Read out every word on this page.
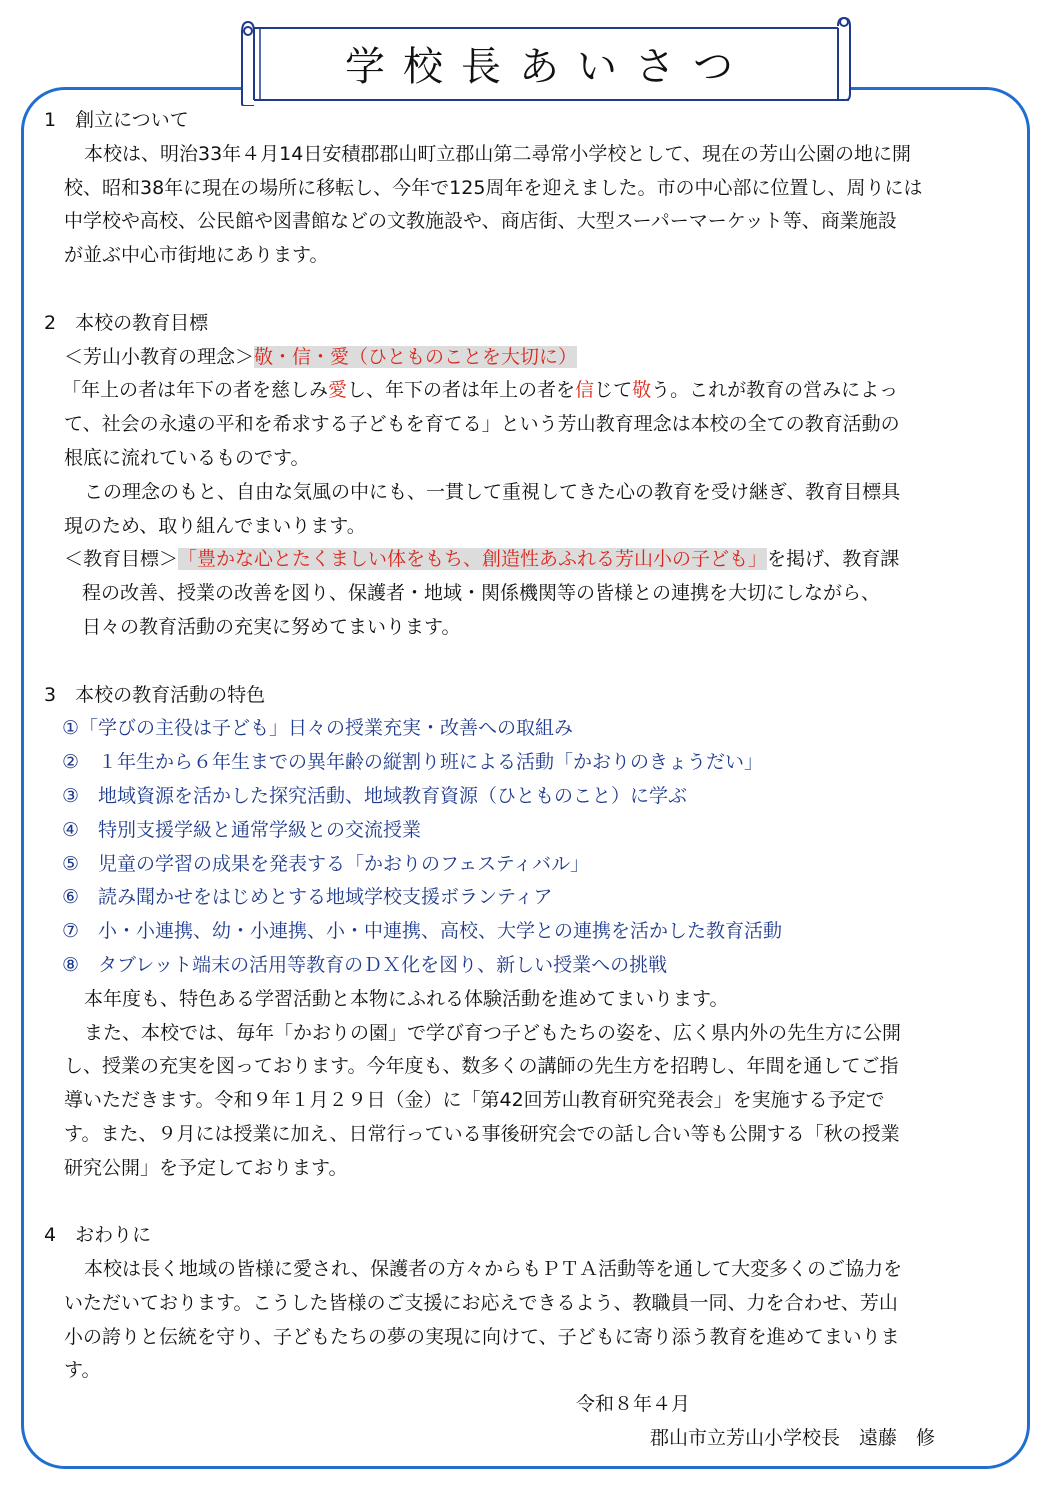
学校長あいさつ
1　創立について
本校は、明治33年４月14日安積郡郡山町立郡山第二尋常小学校として、現在の芳山公園の地に開
校、昭和38年に現在の場所に移転し、今年で125周年を迎えました。市の中心部に位置し、周りには
中学校や高校、公民館や図書館などの文教施設や、商店街、大型スーパーマーケット等、商業施設
が並ぶ中心市街地にあります。
2　本校の教育目標
＜芳山小教育の理念＞敬・信・愛（ひとものことを大切に）
「年上の者は年下の者を慈しみ愛し、年下の者は年上の者を信じて敬う。これが教育の営みによっ
て、社会の永遠の平和を希求する子どもを育てる」という芳山教育理念は本校の全ての教育活動の
根底に流れているものです。
この理念のもと、自由な気風の中にも、一貫して重視してきた心の教育を受け継ぎ、教育目標具
現のため、取り組んでまいります。
＜教育目標＞「豊かな心とたくましい体をもち、創造性あふれる芳山小の子ども」を掲げ、教育課
程の改善、授業の改善を図り、保護者・地域・関係機関等の皆様との連携を大切にしながら、
日々の教育活動の充実に努めてまいります。
3　本校の教育活動の特色
①「学びの主役は子ども」日々の授業充実・改善への取組み
②　１年生から６年生までの異年齢の縦割り班による活動「かおりのきょうだい」
③　地域資源を活かした探究活動、地域教育資源（ひとものこと）に学ぶ
④　特別支援学級と通常学級との交流授業
⑤　児童の学習の成果を発表する「かおりのフェスティバル」
⑥　読み聞かせをはじめとする地域学校支援ボランティア
⑦　小・小連携、幼・小連携、小・中連携、高校、大学との連携を活かした教育活動
⑧　タブレット端末の活用等教育のＤＸ化を図り、新しい授業への挑戦
本年度も、特色ある学習活動と本物にふれる体験活動を進めてまいります。
また、本校では、毎年「かおりの園」で学び育つ子どもたちの姿を、広く県内外の先生方に公開
し、授業の充実を図っております。今年度も、数多くの講師の先生方を招聘し、年間を通してご指
導いただきます。令和９年１月２９日（金）に「第42回芳山教育研究発表会」を実施する予定で
す。また、９月には授業に加え、日常行っている事後研究会での話し合い等も公開する「秋の授業
研究公開」を予定しております。
4　おわりに
本校は長く地域の皆様に愛され、保護者の方々からもＰＴＡ活動等を通して大変多くのご協力を
いただいております。こうした皆様のご支援にお応えできるよう、教職員一同、力を合わせ、芳山
小の誇りと伝統を守り、子どもたちの夢の実現に向けて、子どもに寄り添う教育を進めてまいりま
す。
令和８年４月
郡山市立芳山小学校長　遠藤　修
